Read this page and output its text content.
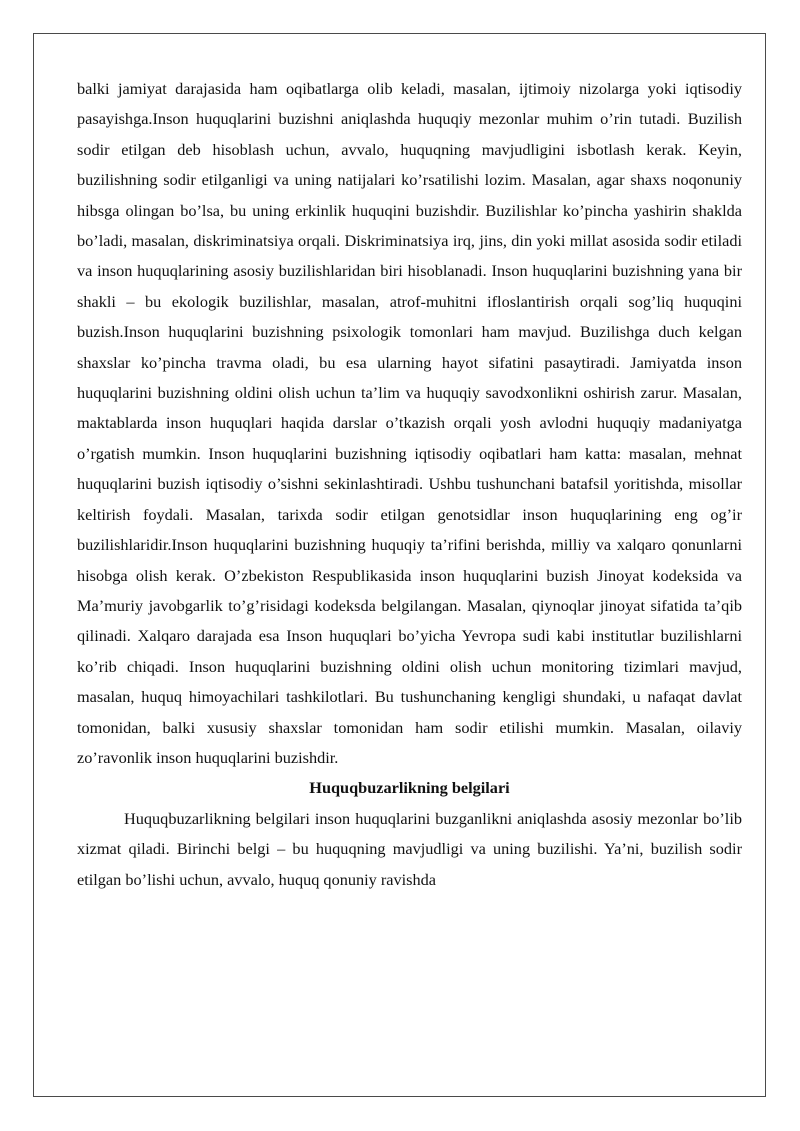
balki jamiyat darajasida ham oqibatlarga olib keladi, masalan, ijtimoiy nizolarga yoki iqtisodiy pasayishga.Inson huquqlarini buzishni aniqlashda huquqiy mezonlar muhim o’rin tutadi. Buzilish sodir etilgan deb hisoblash uchun, avvalo, huquqning mavjudligini isbotlash kerak. Keyin, buzilishning sodir etilganligi va uning natijalari ko’rsatilishi lozim. Masalan, agar shaxs noqonuniy hibsga olingan bo’lsa, bu uning erkinlik huquqini buzishdir. Buzilishlar ko’pincha yashirin shaklda bo’ladi, masalan, diskriminatsiya orqali. Diskriminatsiya irq, jins, din yoki millat asosida sodir etiladi va inson huquqlarining asosiy buzilishlaridan biri hisoblanadi. Inson huquqlarini buzishning yana bir shakli – bu ekologik buzilishlar, masalan, atrof-muhitni ifloslantirish orqali sog’liq huquqini buzish.Inson huquqlarini buzishning psixologik tomonlari ham mavjud. Buzilishga duch kelgan shaxslar ko’pincha travma oladi, bu esa ularning hayot sifatini pasaytiradi. Jamiyatda inson huquqlarini buzishning oldini olish uchun ta’lim va huquqiy savodxonlikni oshirish zarur. Masalan, maktablarda inson huquqlari haqida darslar o’tkazish orqali yosh avlodni huquqiy madaniyatga o’rgatish mumkin. Inson huquqlarini buzishning iqtisodiy oqibatlari ham katta: masalan, mehnat huquqlarini buzish iqtisodiy o’sishni sekinlashtiradi. Ushbu tushunchani batafsil yoritishda, misollar keltirish foydali. Masalan, tarixda sodir etilgan genotsidlar inson huquqlarining eng og’ir buzilishlaridir.Inson huquqlarini buzishning huquqiy ta’rifini berishda, milliy va xalqaro qonunlarni hisobga olish kerak. O’zbekiston Respublikasida inson huquqlarini buzish Jinoyat kodeksida va Ma’muriy javobgarlik to’g’risidagi kodeksda belgilangan. Masalan, qiynoqlar jinoyat sifatida ta’qib qilinadi. Xalqaro darajada esa Inson huquqlari bo’yicha Yevropa sudi kabi institutlar buzilishlarni ko’rib chiqadi. Inson huquqlarini buzishning oldini olish uchun monitoring tizimlari mavjud, masalan, huquq himoyachilari tashkilotlari. Bu tushunchaning kengligi shundaki, u nafaqat davlat tomonidan, balki xususiy shaxslar tomonidan ham sodir etilishi mumkin. Masalan, oilaviy zo’ravonlik inson huquqlarini buzishdir.

Huquqbuzarlikning belgilari

Huquqbuzarlikning belgilari inson huquqlarini buzganlikni aniqlashda asosiy mezonlar bo’lib xizmat qiladi. Birinchi belgi – bu huquqning mavjudligi va uning buzilishi. Ya’ni, buzilish sodir etilgan bo’lishi uchun, avvalo, huquq qonuniy ravishda
